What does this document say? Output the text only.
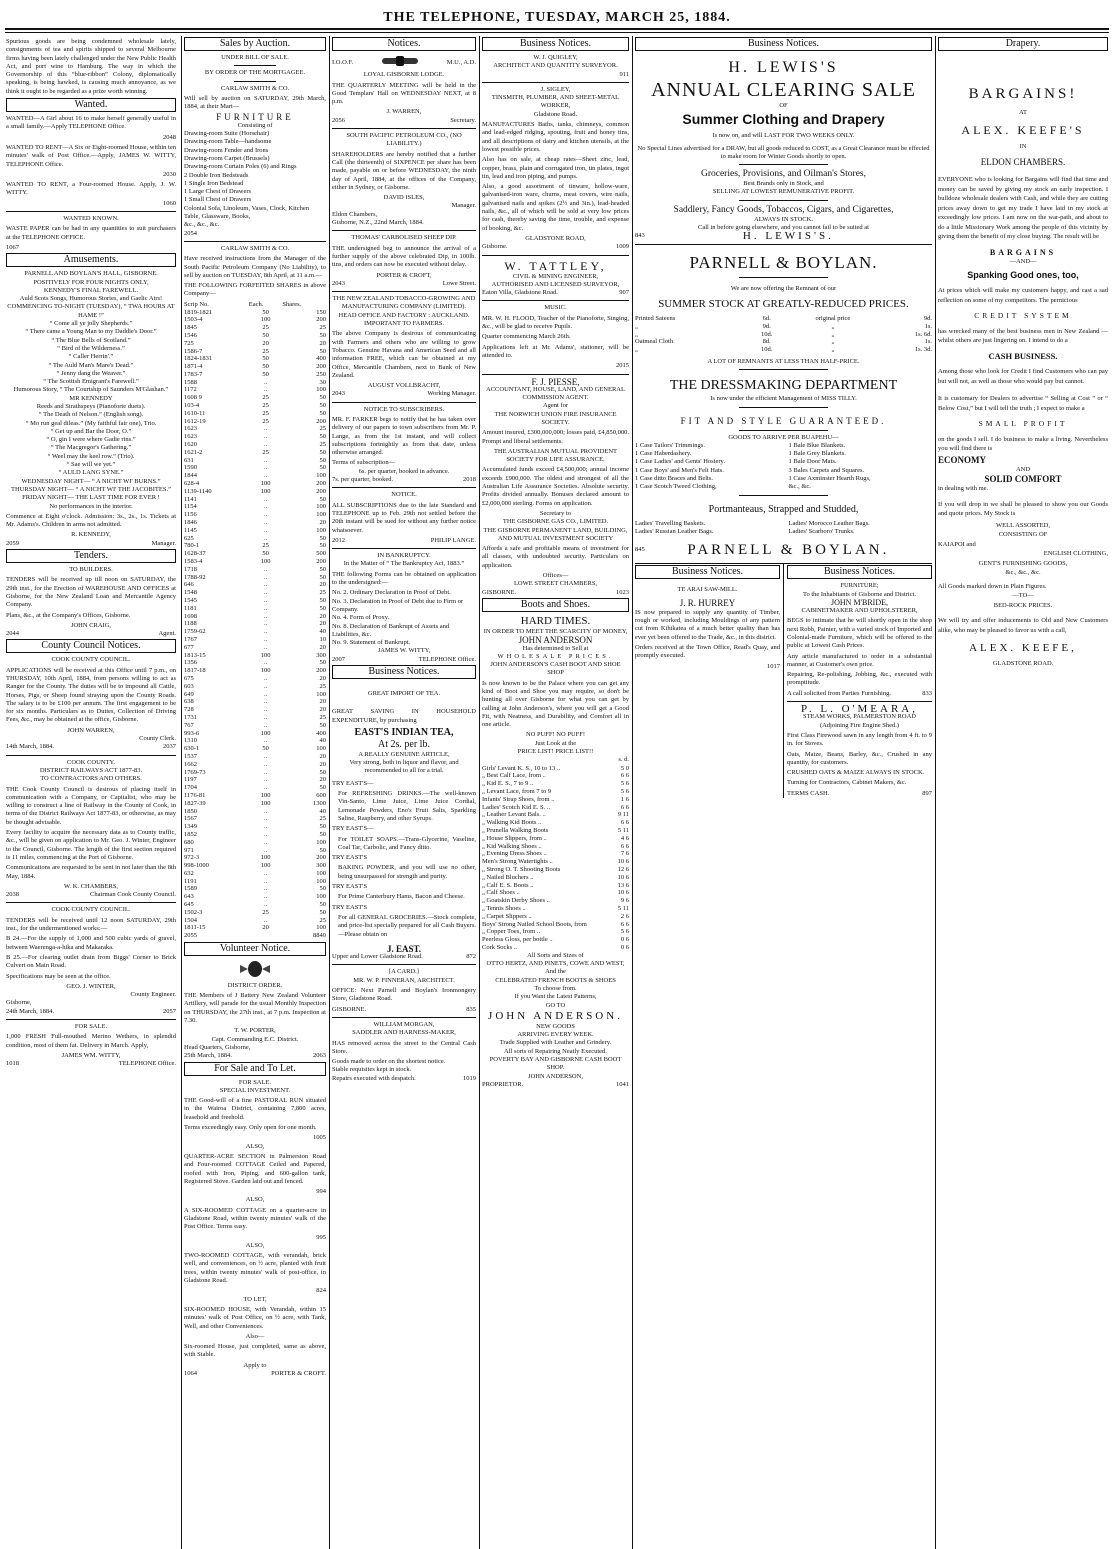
THE TELEPHONE, TUESDAY, MARCH 25, 1884.
Spurious goods are being condemned wholesale lately, consignments of tea and spirits shipped to several Melbourne firms having been lately challenged under the New Public Health Act, and port wine to Hamburg. The way in which the Governorship of this “blue-ribbon” Colony, diplomatically speaking, is being hawked, is causing much annoyance, as we think it ought to be regarded as a prize worth winning.
Wanted.
WANTED—A Girl about 16 to make herself generally useful in a small family.—Apply TELEPHONE Office.
2048
WANTED TO RENT—A Six or Eight-roomed House, within ten minutes' walk of Post Office.—Apply, JAMES W. WITTY, TELEPHONE Office.
2030
WANTED TO RENT, a Four-roomed House. Apply, J. W. WITTY.
1060
WANTED KNOWN.
WASTE PAPER can be had in any quantities to suit purchasers at the TELEPHONE OFFICE.
1067
Amusements.
PARNELL AND BOYLAN'S HALL, GISBORNE.
POSITIVELY FOR FOUR NIGHTS ONLY,
KENNEDY'S FINAL FAREWELL.
Auld Scots Songs, Humorous Stories, and Gaelic Airs!
COMMENCING TO-NIGHT (TUESDAY), “ TWA HOURS AT HAME !”
“ Come all ye jolly Shepherds.”
“ There came a Young Man to my Daddie's Door.”
“ The Blue Bells of Scotland.”
“ Bird of the Wilderness.”
“ Caller Herrin'.”
“ The Auld Man's Mare's Dead.”
“ Jenny dang the Weaver.”
“ The Scottish Emigrant's Farewell.”
Humorous Story, “ The Courtship of Saunders M'Glashan.”
MR KENNEDY
Reeds and Strathspeys (Pianoforte duets).
“ The Death of Nelson.” (English song).
“ Mo run geal dileas.” (My faithful fair one), Trio.
“ Get up and Bar the Door, O.”
“ O, gin I were where Gadie rins.”
“ The Macgregor's Gathering.”
“ Weel may the keel row.” (Trio).
“ Sae will we yet.”
“ AULD LANG SYNE.”
WEDNESDAY NIGHT— “ A NICHT WI' BURNS.”
THURSDAY NIGHT— “ A NICHT WI' THE JACOBITES.”
FRIDAY NIGHT— THE LAST TIME FOR EVER !
No performances in the interior.
Commence at Eight o'clock. Admission: 3s., 2s., 1s. Tickets at Mr. Adams's. Children in arms not admitted.
R. KENNEDY,
2059	Manager.
Tenders.
TO BUILDERS.
TENDERS will be received up till noon on SATURDAY, the 29th inst., for the Erection of WAREHOUSE AND OFFICES at Gisborne, for the New Zealand Loan and Mercantile Agency Company.
Plans, &c., at the Company's Offices, Gisborne.
JOHN CRAIG,
2044	Agent.
County Council Notices.
COOK COUNTY COUNCIL.
APPLICATIONS will be received at this Office until 7 p.m., on THURSDAY, 10th April, 1884, from persons willing to act as Ranger for the County. The duties will be to impound all Cattle, Horses, Pigs, or Sheep found straying upon the County Roads. The salary is to be £100 per annum. The first engagement to be for six months. Particulars as to Duties, Collection of Driving Fees, &c., may be obtained at the office, Gisborne.
JOHN WARREN,
County Clerk.
14th March, 1884.	2037
COOK COUNTY.
DISTRICT RAILWAYS ACT 1877-83.
TO CONTRACTORS AND OTHERS.
THE Cook County Council is desirous of placing itself in communication with a Company, or Capitalist, who may be willing to construct a line of Railway in the County of Cook, in terms of the District Railways Act 1877-83, or otherwise, as may be thought advisable.
Every facility to acquire the necessary data as to County traffic, &c., will be given on application to Mr. Geo. J. Winter, Engineer to the Council, Gisborne. The length of the first section required is 11 miles, commencing at the Port of Gisborne.
Communications are requested to be sent in not later than the 8th May, 1884.
W. K. CHAMBERS,
2038	Chairman Cook County Council.
COOK COUNTY COUNCIL.
TENDERS will be received until 12 noon SATURDAY, 29th inst., for the undermentioned works:—
B 24.—For the supply of 1,000 and 500 cubic yards of gravel, between Waerenga-a-hika and Makaraka.
B 25.—For clearing outlet drain from Biggs' Corner to Brick Culvert on Main Road.
Specifications may be seen at the office.
GEO. J. WINTER,
County Engineer.
Gisborne,
24th March, 1884.	2057
FOR SALE.
1,000 FRESH Full-mouthed Merino Wethers, in splendid condition, most of them fat. Delivery in March. Apply,
JAMES WM. WITTY,
1018	TELEPHONE Office.
Sales by Auction.
UNDER BILL OF SALE.
BY ORDER OF THE MORTGAGEE.
CARLAW SMITH & CO.
Will sell by auction on SATURDAY, 29th March, 1884, at their Mart—
FURNITURE
Consisting of
Drawing-room Suite (Horsehair)
Drawing-room Table—handsome
Drawing-room Fender and Irons
Drawing-room Carpet (Brussels)
Drawing-room Curtain Poles (6) and Rings
2 Double Iron Bedsteads
1 Single Iron Bedstead
1 Large Chest of Drawers
1 Small Chest of Drawers
Colonial Sofa, Linoleum, Vases, Clock, Kitchen Table, Glassware, Books,
&c., &c., &c.
2054
CARLAW SMITH & CO.
Have received instructions from the Manager of the South Pacific Petroleum Company (No Liability), to sell by auction on TUESDAY, 8th April, at 11 a.m.—
THE FOLLOWING FORFEITED SHARES in above Company—
Scrip No.	Each.	Shares.
1819-1821	50	150
1503-4	100	200
1845	25	25
1546	50	50
725	20	20
1586-7	25	50
1824-1831	50	400
1871-4	50	200
1783-7	50	250
1588	..	30
1172	..	100
1608 9	25	50
103-4	25	50
1610-11	25	50
1612-19	25	200
1623	..	25
1623	..	50
1620	..	25
1621-2	25	50
631	..	50
1590	..	50
1844	..	100
628-4	100	200
1139-1140	100	200
1141	..	50
1154	..	100
1156	..	100
1846	..	20
1145	..	100
625	..	50
780-1	25	50
1628-37	50	500
1583-4	100	200
1718	..	50
1788-92	..	50
646	..	20
1548	..	25
1545	..	50
1181	..	50
1698	..	20
1188	..	20
1759-62	..	40
1767	..	10
677	..	20
1813-15	100	300
1356	..	50
1817-18	100	200
675	..	20
603	..	25
649	..	100
638	..	20
728	..	20
1731	..	25
767	..	50
993-6	100	400
1310	..	40
630-1	50	100
1537	..	20
1662	..	20
1769-73	..	50
1197	..	20
1704	..	50
1176-81	100	600
1827-39	100	1300
1850	..	40
1567	..	25
1349	..	50
1852	..	50
680	..	100
971	..	50
972-3	100	200
998-1000	100	300
632	..	100
1191	..	100
1589	..	50
643	..	100
645	..	50
1502-3	25	50
1504	..	25
1811-15	20	100
2055	8840
Volunteer Notice.
DISTRICT ORDER.
THE Members of J Battery New Zealand Volunteer Artillery, will parade for the usual Monthly Inspection on THURSDAY, the 27th inst., at 7 p.m. Inspection at 7.30.
T. W. PORTER,
Capt. Commanding E.C. District.
Head Quarters, Gisborne,
25th March, 1884.	2063
For Sale and To Let.
FOR SALE.
SPECIAL INVESTMENT.
THE Good-will of a fine PASTORAL RUN situated in the Wairoa District, containing 7,800 acres, leasehold and freehold.
Terms exceedingly easy. Only open for one month.
1005
ALSO,
QUARTER-ACRE SECTION in Palmerston Road and Four-roomed COTTAGE Ceiled and Papered, roofed with Iron, Piping, and 600-gallon tank, Registered Stove. Garden laid out and fenced.
994
ALSO,
A SIX-ROOMED COTTAGE on a quarter-acre in Gladstone Road, within twenty minutes' walk of the Post Office. Terms easy.
995
ALSO,
TWO-ROOMED COTTAGE, with verandah, brick well, and conveniences, on ½ acre, planted with fruit trees, within twenty minutes' walk of post-office, in Gladstone Road.
824
TO LET,
SIX-ROOMED HOUSE, with Verandah, within 15 minutes' walk of Post Office, on ½ acre, with Tank, Well, and other Conveniences.
Also—
Six-roomed House, just completed, same as above, with Stable.
Apply to
1064	PORTER & CROFT.
Notices.
I.O.O.F.	M.U., A.D.
LOYAL GISBORNE LODGE.
THE QUARTERLY MEETING will be held in the Good Templars' Hall on WEDNESDAY NEXT, at 8 p.m.
J. WARREN,
2056	Secretary.
SOUTH PACIFIC PETROLEUM CO., (NO LIABILITY.)
SHAREHOLDERS are hereby notified that a further Call (the thirteenth) of SIXPENCE per share has been made, payable on or before WEDNESDAY, the ninth day of April, 1884, at the offices of the Company, either in Sydney, or Gisborne.
DAVID ISLES,
Manager.
Eldon Chambers,
Gisborne, N.Z., 22nd March, 1884.
THOMAS' CARBOLISED SHEEP DIP.
THE undersigned beg to announce the arrival of a further supply of the above celebrated Dip, in 100lb. tins, and orders can now be executed without delay.
PORTER & CROFT,
2043	Lowe Street.
THE NEW ZEALAND TOBACCO-GROWING AND MANUFACTURING COMPANY (LIMITED).
HEAD OFFICE AND FACTORY : AUCKLAND.
IMPORTANT TO FARMERS.
The above Company is desirous of communicating with Farmers and others who are willing to grow Tobacco. Genuine Havana and American Seed and all information FREE, which can be obtained at my Office, Mercantile Chambers, next to Bank of New Zealand.
AUGUST VOLLBRACHT,
2043	Working Manager.
NOTICE TO SUBSCRIBERS.
MR. F. FARKER begs to notify that he has taken over delivery of our papers to town subscribers from Mr. P. Lange, as from the 1st instant, and will collect subscriptions fortnightly as from that date, unless otherwise arranged.
Terms of subscription—
6s. per quarter, booked in advance.
7s. per quarter, booked.	2018
NOTICE.
ALL SUBSCRIPTIONS due to the late Standard and TELEPHONE up to Feb. 29th not settled before the 20th instant will be sued for without any further notice whatsoever.
2012	PHILIP LANGE.
IN BANKRUPTCY.
In the Matter of “ The Bankruptcy Act, 1883.”
THE following Forms can be obtained on application to the undersigned:—
No. 2. Ordinary Declaration in Proof of Debt.
No. 3. Declaration in Proof of Debt due to Firm or Company.
No. 4. Form of Proxy.
No. 8. Declaration of Bankrupt of Assets and Liabilities, &c.
No. 9. Statement of Bankrupt.
JAMES W. WITTY,
2007	TELEPHONE Office.
Business Notices.
GREAT IMPORT OF TEA.
GREAT SAVING IN HOUSEHOLD EXPENDITURE, by purchasing
EAST'S INDIAN TEA,
At 2s. per lb.
A REALLY GENUINE ARTICLE,
Very strong, both in liquor and flavor, and recommended to all for a trial.
TRY EAST'S—
For REFRESHING DRINKS.—The well-known Vin-Santo, Lime Juice, Lime Juice Cordial, Lemonade Powders, Eno's Fruit Salts, Sparkling Saline, Raspberry, and other Syrups.
TRY EAST'S—
For TOILET SOAPS.—Trans-Glycerine, Vaseline, Coal Tar, Carbolic, and Fancy ditto.
TRY EAST'S
BAKING POWDER, and you will use no other, being unsurpassed for strength and purity.
TRY EAST'S
For Prime Canterbury Hams, Bacon and Cheese.
TRY EAST'S
For all GENERAL GROCERIES.—Stock complete, and price-list specially prepared for all Cash Buyers.—Please obtain on
J. EAST.
Upper and Lower Gladstone Road.	872
[A CARD.]
MR. W. P. FINNERAN, ARCHITECT.
OFFICE: Next Parnell and Boylan's Ironmongery Store, Gladstone Road.
GISBORNE.	835
WILLIAM MORGAN,
SADDLER AND HARNESS-MAKER,
HAS removed across the street to the Central Cash Store.
Goods made to order on the shortest notice.
Stable requisites kept in stock.
Repairs executed with despatch.	1019
Business Notices.
W. J. QUIGLEY,
ARCHITECT AND QUANTITY SURVEYOR.
911
J. SIGLEY,
TINSMITH, PLUMBER, AND SHEET-METAL WORKER,
Gladstone Road.
MANUFACTURES Baths, tanks, chimneys, common and lead-edged ridging, spouting, fruit and honey tins, and all descriptions of dairy and kitchen utensils, at the lowest possible prices.
Also has on sale, at cheap rates—Sheet zinc, lead, copper, brass, plain and corrugated iron, tin plates, ingot tin, lead and iron piping, and pumps.
Also, a good assortment of tinware, hollow-ware, galvanised-iron ware, churns, meat covers, wire nails, galvanised nails and spikes (2½ and 3in.), lead-headed nails, &c., all of which will be sold at very low prices for cash, thereby saving the time, trouble, and expense of booking, &c.
GLADSTONE ROAD,
Gisborne.	1009
W. TATTLEY,
CIVIL & MINING ENGINEER,
AUTHORISED AND LICENSED SURVEYOR,
Eaton Villa, Gladstone Road.	907
MUSIC.
MR. W. H. FLOOD, Teacher of the Pianoforte, Singing, &c., will be glad to receive Pupils.
Quarter commencing March 26th.
Applications left at Mr. Adams', stationer, will be attended to.
2015
F. J. PIESSE,
ACCOUNTANT, HOUSE, LAND, AND GENERAL COMMISSION AGENT.
Agent for
THE NORWICH UNION FIRE INSURANCE SOCIETY.
Amount insured, £300,000,000; losses paid, £4,850,000. Prompt and liberal settlements.
THE AUSTRALIAN MUTUAL PROVIDENT SOCIETY FOR LIFE ASSURANCE.
Accumulated funds exceed £4,500,000; annual income exceeds £900,000. The oldest and strongest of all the Australian Life Assurance Societies. Absolute security. Profits divided annually. Bonuses declared amount to £2,000,000 sterling. Forms on application.
Secretary to
THE GISBORNE GAS CO., LIMITED.
THE GISBORNE PERMANENT LAND, BUILDING, AND MUTUAL INVESTMENT SOCIETY
Affords a safe and profitable means of investment for all classes, with undoubted security. Particulars on application.
Offices—
LOWE STREET CHAMBERS,
GISBORNE.	1023
Boots and Shoes.
HARD TIMES.
IN ORDER TO MEET THE SCARCITY OF MONEY,
JOHN ANDERSON
Has determined to Sell at
WHOLESALE PRICES.
JOHN ANDERSON'S CASH BOOT AND SHOE SHOP
Is now known to be the Palace where you can get any kind of Boot and Shoe you may require, so don't be hunting all over Gisborne for what you can get by calling at John Anderson's, where you will get a Good Fit, with Neatness, and Durability, and Comfort all in one article.
NO PUFF! NO PUFF!
Just Look at the
PRICE LIST! PRICE LIST!!
s. d.
Girls' Levant K. S., 10 to 13 ..	5 0
„ Best Calf Lace, from ..	6 6
„ Kid E. S., 7 to 9 ..	5 6
„ Levant Lace, from 7 to 9	5 6
Infants' Strap Shoes, from ..	1 6
Ladies' Scotch Kid E. S. ..	6 6
„ Leather Levant Bals. ..	9 11
„ Walking Kid Boots ..	6 6
„ Prunella Walking Boots	5 11
„ House Slippers, from ..	4 6
„ Kid Walking Shoes ..	6 6
„ Evening Dress Shoes ..	7 6
Men's Strong Watertights ..	10 6
„ Strong O. T. Shooting Boots	12 6
„ Nailed Bluchers ..	10 6
„ Calf E. S. Boots ..	13 6
„ Calf Shoes ..	10 6
„ Goatskin Derby Shoes ..	9 6
„ Tennis Shoes ..	5 11
„ Carpet Slippers ..	2 6
Boys' Strong Nailed School Boots, from	6 6
„ Copper Toes, from ..	5 6
Peerless Gloss, per bottle ..	0 6
Cork Socks ..	0 6
All Sorts and Sizes of
OTTO HERTZ, AND PINETS, COWE AND WEST,
And the
CELEBRATED FRENCH BOOTS & SHOES
To choose from.
If you Want the Latest Patterns,
GO TO
JOHN ANDERSON.
NEW GOODS
ARRIVING EVERY WEEK.
Trade Supplied with Leather and Grindery.
All sorts of Repairing Neatly Executed.
POVERTY BAY AND GISBORNE CASH BOOT SHOP.
JOHN ANDERSON,
PROPRIETOR.	1041
Business Notices.
H. LEWIS'S
ANNUAL CLEARING SALE
OF
Summer Clothing and Drapery
Is now on, and will LAST FOR TWO WEEKS ONLY.
No Special Lines advertised for a DRAW, but all goods reduced to COST, as a Great Clearance must be effected to make room for Winter Goods shortly to open.
Groceries, Provisions, and Oilman's Stores,
Best Brands only in Stock, and
SELLING AT LOWEST REMUNERATIVE PROFIT.
Saddlery, Fancy Goods, Tobaccos, Cigars, and Cigarettes,
ALWAYS IN STOCK.
Call in before going elsewhere, and you cannot fail to be suited at
843	H. LEWIS'S.
PARNELL & BOYLAN.
We are now offering the Remnant of our
SUMMER STOCK AT GREATLY-REDUCED PRICES.
Printed Sateens	6d.	original price	9d.
„	9d.	„	1s.
„	10d.	„	1s. 6d.
Oatmeal Cloth	8d.	„	1s.
„	10d.	„	1s. 3d.
A LOT OF REMNANTS AT LESS THAN HALF-PRICE.
THE DRESSMAKING DEPARTMENT
Is now under the efficient Management of MISS TILLY.
FIT AND STYLE GUARANTEED.
GOODS TO ARRIVE PER BUAPEHU—
1 Case Tailors' Trimmings.
1 Case Haberdashery.
1 Case Ladies' and Gents' Hosiery.
1 Case Boys' and Men's Felt Hats.
1 Case ditto Braces and Belts.
1 Case Scotch Tweed Clothing,
1 Bale Blue Blankets.
1 Bale Grey Blankets.
1 Bale Door Mats.
3 Bales Carpets and Squares.
1 Case Axminster Hearth Rugs,
&c., &c.
Portmanteaus, Strapped and Studded,
Ladies' Travelling Baskets.
Ladies' Russian Leather Bags.
Ladies' Morocco Leather Bags.
Ladies' Scarboro' Trunks.
845	PARNELL & BOYLAN.
Business Notices.
TE ARAI SAW-MILL.
J. R. HURREY
IS now prepared to supply any quantity of Timber, rough or worked, including Mouldings of any pattern cut from Kihikatea of a much better quality than has ever yet been offered to the Trade, &c., in this district.
Orders received at the Town Office, Read's Quay, and promptly executed.
1017
Business Notices.
FURNITURE;
To the Inhabitants of Gisborne and District.
JOHN M'BRIDE,
CABINETMAKER AND UPHOLSTERER,
BEGS to intimate that he will shortly open in the shop next Robb, Painter, with a varied stock of Imported and Colonial-made Furniture, which will be offered to the public at Lowest Cash Prices.
Any article manufactured to order in a substantial manner, at Customer's own price.
Repairing, Re-polishing, Jobbing, &c., executed with promptitude.
A call solicited from Parties Furnishing.	833
P. L. O'MEARA,
STEAM WORKS, PALMERSTON ROAD
(Adjoining Fire Engine Shed.)
First Class Firewood sawn in any length from 4 ft. to 9 in. for Stoves.
Oats, Maize, Beans, Barley, &c., Crushed in any quantity, for customers.
CRUSHED OATS & MAIZE ALWAYS IN STOCK.
Turning for Contractors, Cabinet Makers, &c.
TERMS CASH.	897
Drapery.
BARGAINS!
AT
ALEX. KEEFE'S
IN
ELDON CHAMBERS.
EVERYONE who is looking for Bargains will find that time and money can be saved by giving my stock an early inspection. I bulldoze wholesale dealers with Cash, and while they are cutting prices away down to get my trade I have laid in my stock at exceedingly low prices. I am now on the war-path, and about to do a little Missionary Work among the people of this vicinity by giving them the benefit of my close buying. The result will be
BARGAINS
—AND—
Spanking Good ones, too,
At prices which will make my customers happy, and cast a sad reflection on some of my competitors. The pernicious
CREDIT SYSTEM
has wrecked many of the best business men in New Zealand — whilst others are just lingering on. I intend to do a
CASH BUSINESS.
Among those who look for Credit I find Customers who can pay but will not, as well as those who would pay but cannot.
It is customary for Dealers to advertise “ Selling at Cost ” or “ Below Cost,” but I will tell the truth ; I expect to make a
SMALL PROFIT
on the goods I sell. I do business to make a living. Nevertheless you will find there is
ECONOMY
AND
SOLID COMFORT
in dealing with me.
If you will drop in we shall be pleased to show you our Goods and quote prices. My Stock is
WELL ASSORTED,
CONSISTING OF
KAIAPOI and
ENGLISH CLOTHING,
GENT'S FURNISHING GOODS,
&c., &c., &c.
All Goods marked down in Plain Figures.
—TO—
BED-ROCK PRICES.
We will try and offer inducements to Old and New Customers alike, who may be pleased to favor us with a call,
ALEX. KEEFE,
GLADSTONE ROAD.
